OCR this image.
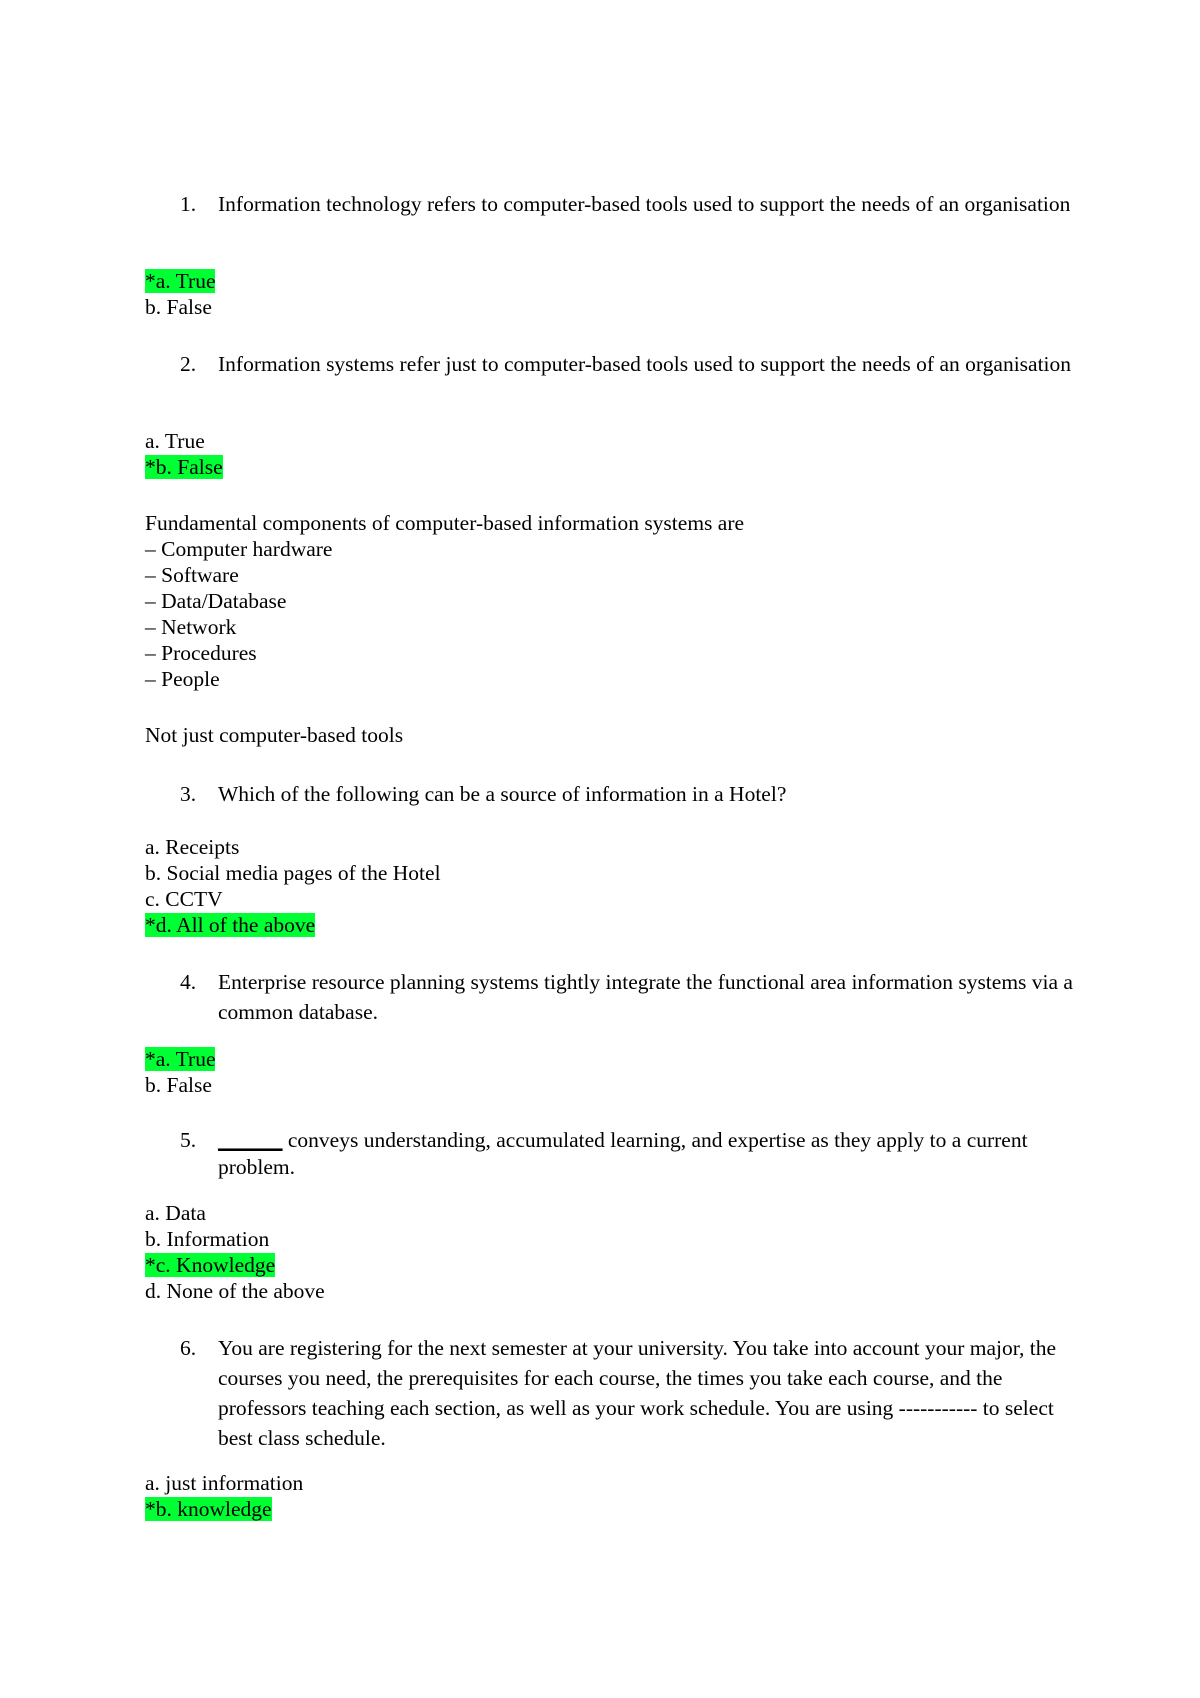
1.	Information technology refers to computer-based tools used to support the needs of an organisation
*a. True
b. False
2.	Information systems refer just to computer-based tools used to support the needs of an organisation
a. True
*b. False
Fundamental components of computer-based information systems are
– Computer hardware
– Software
– Data/Database
– Network
– Procedures
– People
Not just computer-based tools
3.	Which of the following can be a source of information in a Hotel?
a. Receipts
b. Social media pages of the Hotel
c. CCTV
*d. All of the above
4.	Enterprise resource planning systems tightly integrate the functional area information systems via a common database.
*a. True
b. False
5.	______ conveys understanding, accumulated learning, and expertise as they apply to a current problem.
a. Data
b. Information
*c. Knowledge
d. None of the above
6.	You are registering for the next semester at your university. You take into account your major, the courses you need, the prerequisites for each course, the times you take each course, and the professors teaching each section, as well as your work schedule. You are using ----------- to select best class schedule.
a. just information
*b. knowledge
